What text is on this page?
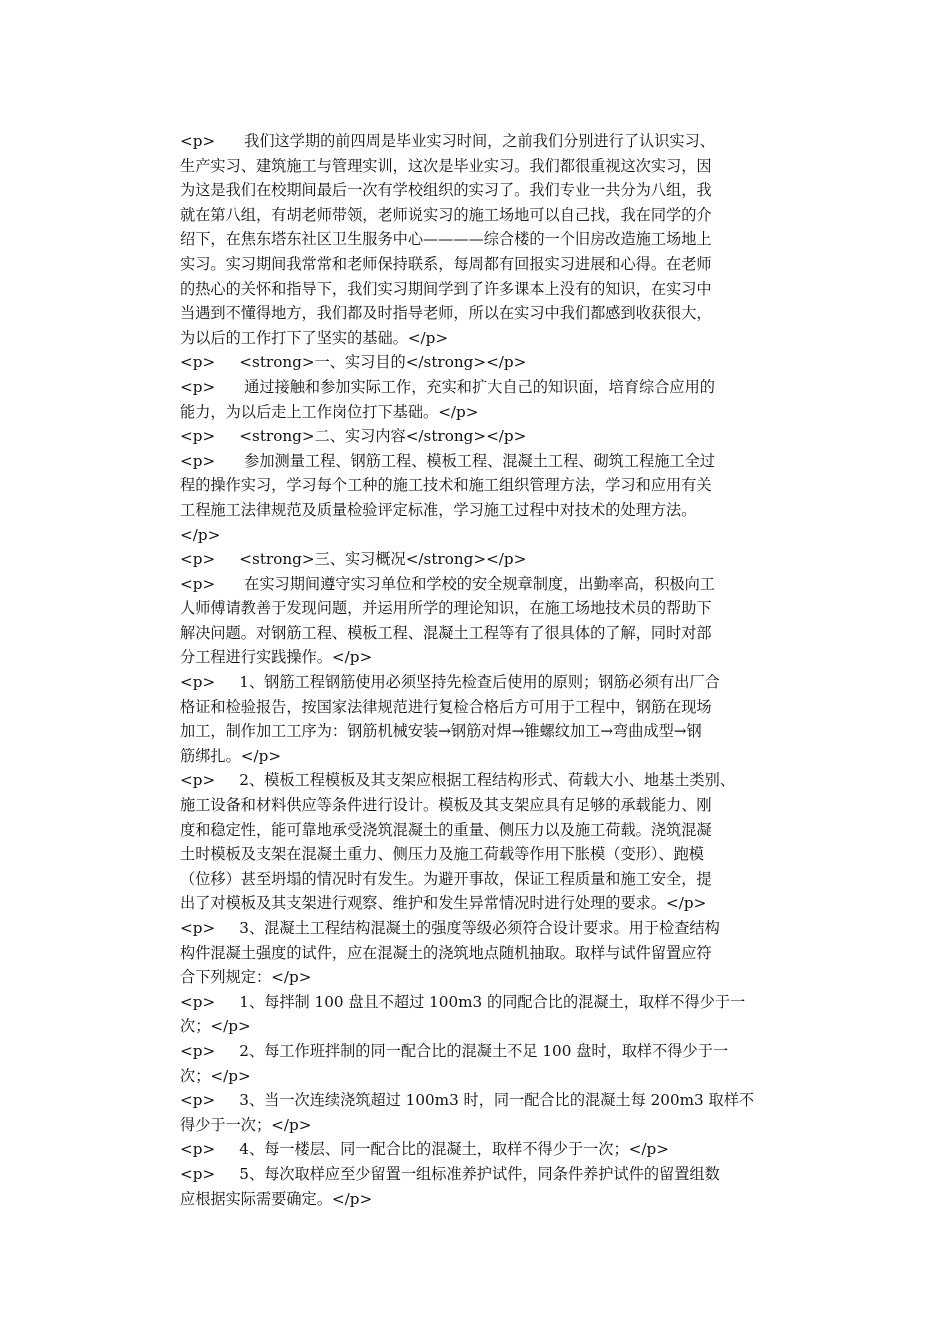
<p>      我们这学期的前四周是毕业实习时间，之前我们分别进行了认识实习、
生产实习、建筑施工与管理实训，这次是毕业实习。我们都很重视这次实习，因
为这是我们在校期间最后一次有学校组织的实习了。我们专业一共分为八组，我
就在第八组，有胡老师带领，老师说实习的施工场地可以自己找，我在同学的介
绍下，在焦东塔东社区卫生服务中心————综合楼的一个旧房改造施工场地上
实习。实习期间我常常和老师保持联系，每周都有回报实习进展和心得。在老师
的热心的关怀和指导下，我们实习期间学到了许多课本上没有的知识，在实习中
当遇到不懂得地方，我们都及时指导老师，所以在实习中我们都感到收获很大，
为以后的工作打下了坚实的基础。</p>
<p>     <strong>一、实习目的</strong></p>
<p>      通过接触和参加实际工作，充实和扩大自己的知识面，培育综合应用的
能力，为以后走上工作岗位打下基础。</p>
<p>     <strong>二、实习内容</strong></p>
<p>      参加测量工程、钢筋工程、模板工程、混凝土工程、砌筑工程施工全过
程的操作实习，学习每个工种的施工技术和施工组织管理方法，学习和应用有关
工程施工法律规范及质量检验评定标准，学习施工过程中对技术的处理方法。
</p>
<p>     <strong>三、实习概况</strong></p>
<p>      在实习期间遵守实习单位和学校的安全规章制度，出勤率高，积极向工
人师傅请教善于发现问题，并运用所学的理论知识，在施工场地技术员的帮助下
解决问题。对钢筋工程、模板工程、混凝土工程等有了很具体的了解，同时对部
分工程进行实践操作。</p>
<p>     1、钢筋工程钢筋使用必须坚持先检查后使用的原则；钢筋必须有出厂合
格证和检验报告，按国家法律规范进行复检合格后方可用于工程中，钢筋在现场
加工，制作加工工序为：钢筋机械安装→钢筋对焊→锥螺纹加工→弯曲成型→钢
筋绑扎。</p>
<p>     2、模板工程模板及其支架应根据工程结构形式、荷载大小、地基土类别、
施工设备和材料供应等条件进行设计。模板及其支架应具有足够的承载能力、刚
度和稳定性，能可靠地承受浇筑混凝土的重量、侧压力以及施工荷载。浇筑混凝
土时模板及支架在混凝土重力、侧压力及施工荷载等作用下胀模（变形）、跑模
（位移）甚至坍塌的情况时有发生。为避开事故，保证工程质量和施工安全，提
出了对模板及其支架进行观察、维护和发生异常情况时进行处理的要求。</p>
<p>     3、混凝土工程结构混凝土的强度等级必须符合设计要求。用于检查结构
构件混凝土强度的试件，应在混凝土的浇筑地点随机抽取。取样与试件留置应符
合下列规定：</p>
<p>     1、每拌制 100 盘且不超过 100m3 的同配合比的混凝土，取样不得少于一
次；</p>
<p>     2、每工作班拌制的同一配合比的混凝土不足 100 盘时，取样不得少于一
次；</p>
<p>     3、当一次连续浇筑超过 100m3 时，同一配合比的混凝土每 200m3 取样不
得少于一次；</p>
<p>     4、每一楼层、同一配合比的混凝土，取样不得少于一次；</p>
<p>     5、每次取样应至少留置一组标准养护试件，同条件养护试件的留置组数
应根据实际需要确定。</p>
